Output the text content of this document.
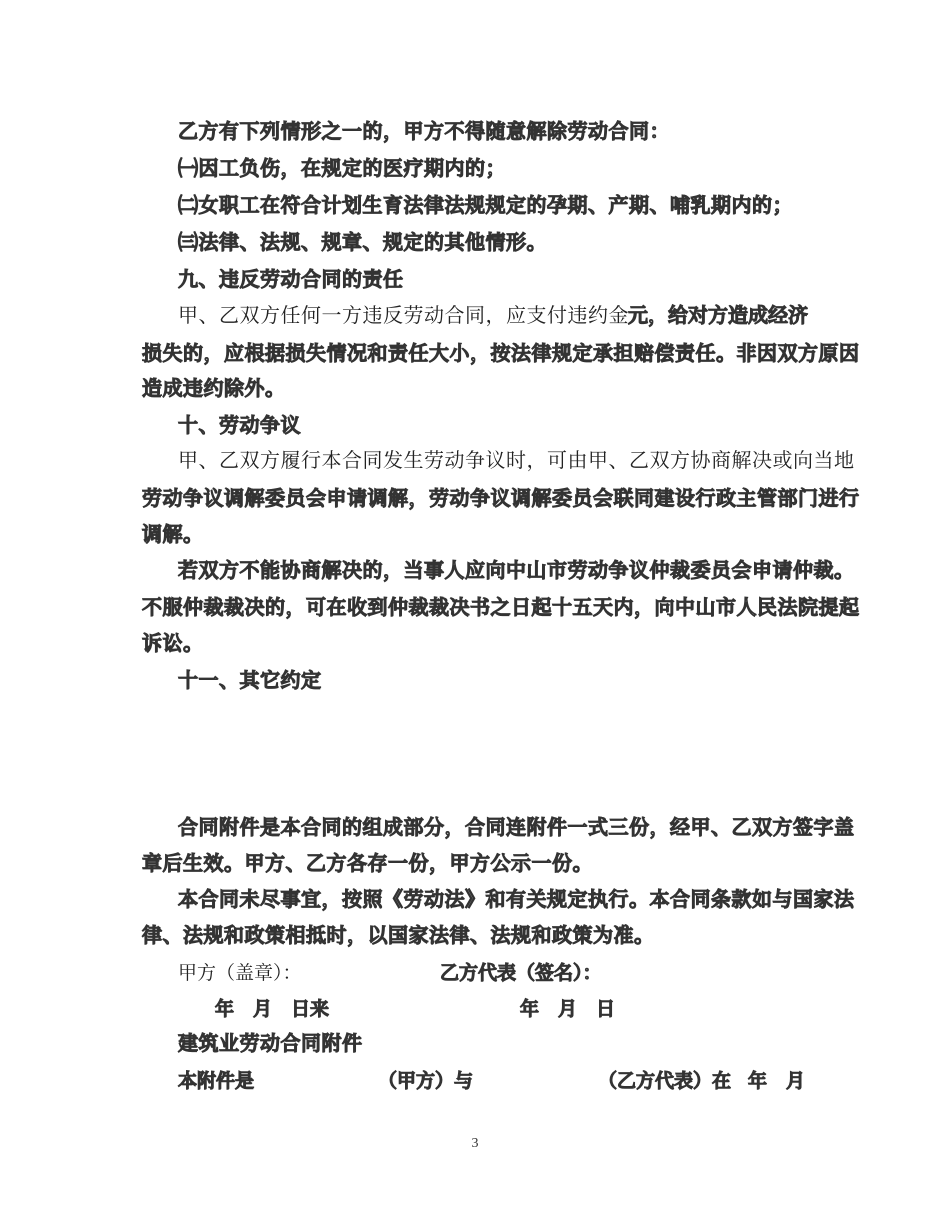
乙方有下列情形之一的，甲方不得随意解除劳动合同：
㈠因工负伤，在规定的医疗期内的；
㈡女职工在符合计划生育法律法规规定的孕期、产期、哺乳期内的；
㈢法律、法规、规章、规定的其他情形。
九、违反劳动合同的责任
甲、乙双方任何一方违反劳动合同，应支付违约金 元，给对方造成经济
损失的，应根据损失情况和责任大小，按法律规定承担赔偿责任。非因双方原因
造成违约除外。
十、劳动争议
甲、乙双方履行本合同发生劳动争议时，可由甲、乙双方协商解决或向当地
劳动争议调解委员会申请调解，劳动争议调解委员会联同建设行政主管部门进行
调解。
若双方不能协商解决的，当事人应向中山市劳动争议仲裁委员会申请仲裁。
不服仲裁裁决的，可在收到仲裁裁决书之日起十五天内，向中山市人民法院提起
诉讼。
十一、其它约定
合同附件是本合同的组成部分，合同连附件一式三份，经甲、乙双方签字盖
章后生效。甲方、乙方各存一份，甲方公示一份。
本合同未尽事宜，按照《劳动法》和有关规定执行。本合同条款如与国家法
律、法规和政策相抵时，以国家法律、法规和政策为准。
甲方（盖章）：	乙方代表（签名）：
年　月　日来	年　月　日
建筑业劳动合同附件
本附件是	（甲方）与	（乙方代表）在 年　月
3
